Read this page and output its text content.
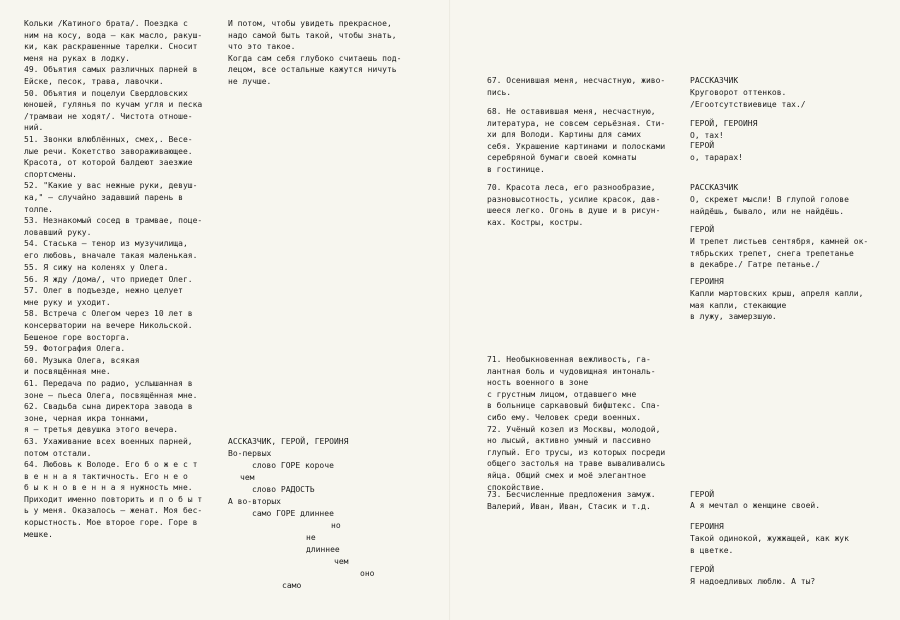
Кольки /Катиного брата/. Поездка с
ним на косу, вода — как масло, ракуш-
ки, как раскрашенные тарелки. Сносит
меня на руках в лодку.
49. Объятия самых различных парней в
Ейске, песок, трава, лавочки.
50. Объятия и поцелуи Свердловских
юношей, гулянья по кучам угля и песка
/трамваи не ходят/. Чистота отноше-
ний.
51. Звонки влюблённых, смех,. Весе-
лые речи. Кокетство завораживающее.
Красота, от которой балдеют заезжие
спортсмены.
52. "Какие у вас нежные руки, девуш-
ка," — случайно задавший парень в
толпе.
53. Незнакомый сосед в трамвае, поце-
ловавший руку.
54. Стаська — тенор из музучилища,
его любовь, вначале такая маленькая.
55. Я сижу на коленях у Олега.
56. Я жду /дома/, что приедет Олег.
57. Олег в подъезде, нежно целует
мне руку и уходит.
58. Встреча с Олегом через 10 лет в
консерватории на вечере Никольской.
Бешеное горе восторга.
59. Фотография Олега.
60. Музыка Олега, всякая
и посвящённая мне.
61. Передача по радио, услышанная в
зоне — пьеса Олега, посвящённая мне.
62. Свадьба сына директора завода в
зоне, черная икра тоннами,
я — третья девушка этого вечера.
63. Ухаживание всех военных парней,
потом отстали.
64. Любовь к Володе. Его б о ж е с т
в е н н а я тактичность. Его н е о
б ы к н о в е н н а я нужность мне.
Приходит именно повторить и п о б ы т
ь у меня. Оказалось — женат. Моя бес-
корыстность. Мое второе горе. Горе в
мешке.
И потом, чтобы увидеть прекрасное,
надо самой быть такой, чтобы знать,
что это такое.
Когда сам себя глубоко считаешь под-
лецом, все остальные кажутся ничуть
не лучше.
АССКАЗЧИК, ГЕРОЙ, ГЕРОИНЯ
Во-первых
слово ГОРЕ короче
чем
слово РАДОСТЬ
А во-вторых
само ГОРЕ длиннее
но
не
длиннее
чем
оно
само
67. Осенившая меня, несчастную, живо-
пись.
68. Не оставившая меня, несчастную,
литература, не совсем серьёзная. Сти-
хи для Володи. Картины для самих
себя. Украшение картинами и полосками
серебряной бумаги своей комнаты
в гостинице.
70. Красота леса, его разнообразие,
разновысотность, усилие красок, дав-
шееся легко. Огонь в душе и в рисун-
ках. Костры, костры.
71. Необыкновенная вежливость, га-
лантная боль и чудовищная интональ-
ность военного в зоне
с грустным лицом, отдавшего мне
в больнице саркавовый бифштекс. Спа-
сибо ему. Человек среди военных.
72. Учёный козел из Москвы, молодой,
но лысый, активно умный и пассивно
глупый. Его трусы, из которых посреди
общего застолья на траве вываливались
яйца. Общий смех и моё элегантное
спокойствие.
73. Бесчисленные предложения замуж.
Валерий, Иван, Иван, Стасик и т.д.
РАССКАЗЧИК
Круговорот оттенков.
/Егоотсутствиевице тах./
ГЕРОЙ, ГЕРОИНЯ
О, тах!
ГЕРОЙ
о, тарарах!
РАССКАЗЧИК
О, скрежет мысли! В глупой голове
найдёшь, бывало, или не найдёшь.
ГЕРОЙ
И трепет листьев сентября, камней ок-
тябрьских трепет, снега трепетанье
в декабре./ Гатре петанье./
ГЕРОИНЯ
Капли мартовских крыш, апреля капли,
мая капли, стекающие
в лужу, замерзшую.
ГЕРОЙ
А я мечтал о женщине своей.
ГЕРОИНЯ
Такой одинокой, жужжащей, как жук
в цветке.
ГЕРОЙ
Я надоедливых люблю. А ты?
